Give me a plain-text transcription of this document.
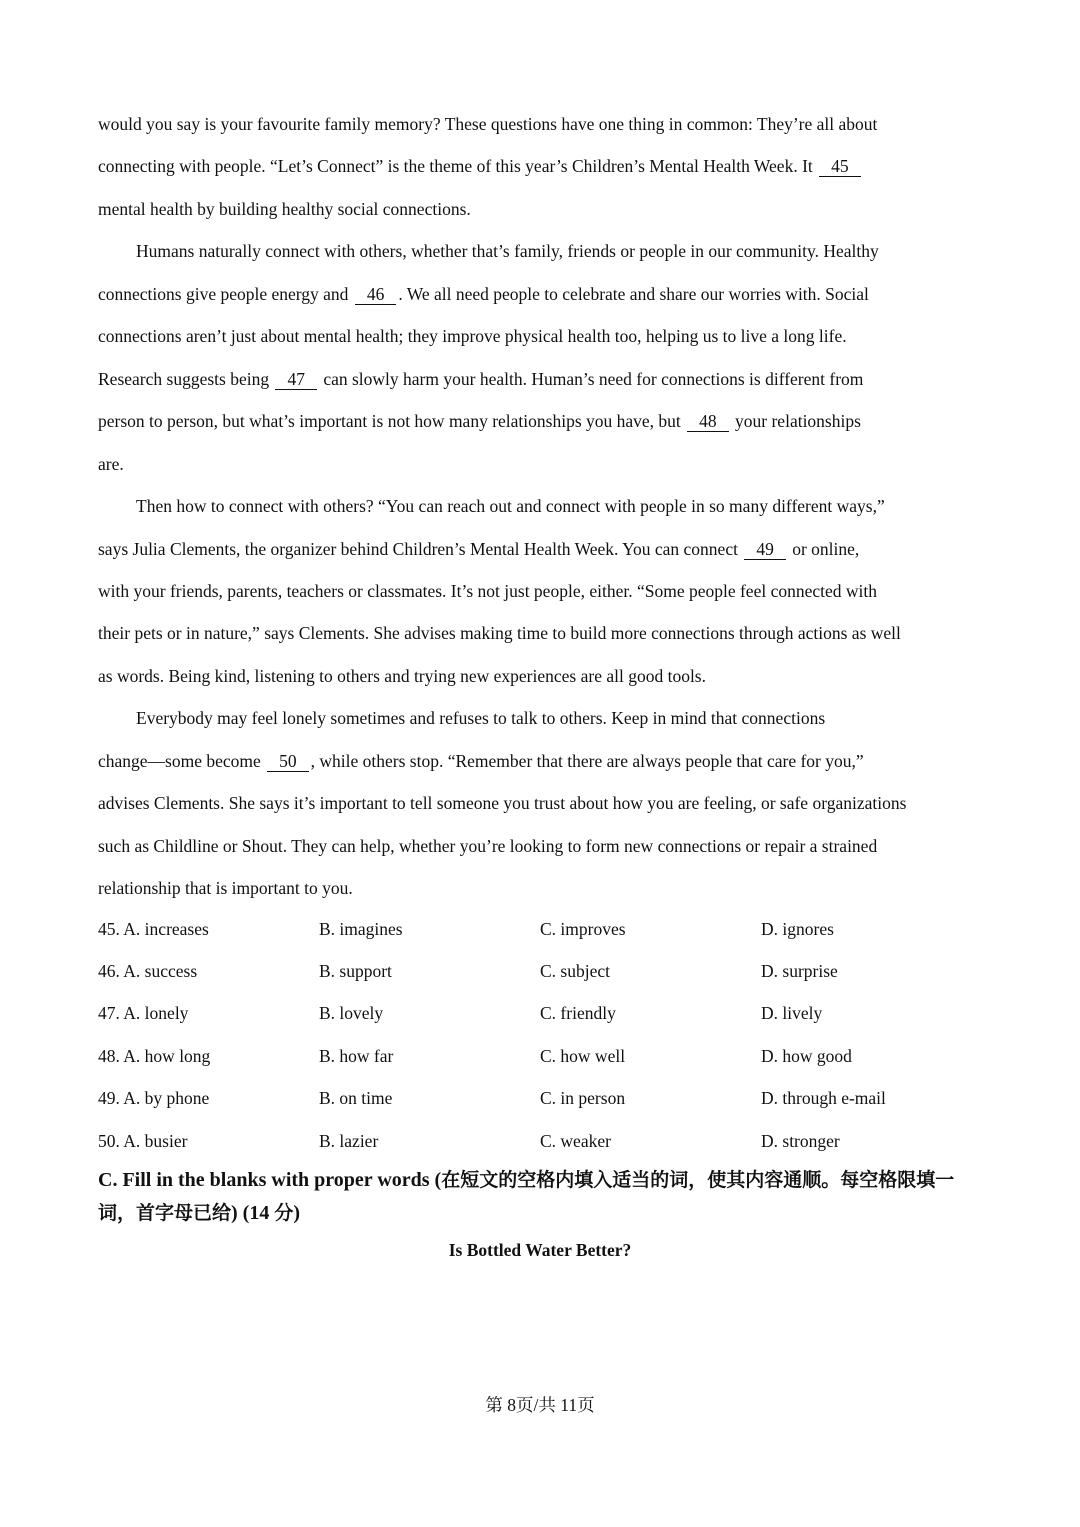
would you say is your favourite family memory? These questions have one thing in common: They’re all about
connecting with people. “Let’s Connect” is the theme of this year’s Children’s Mental Health Week. It 45
mental health by building healthy social connections.
Humans naturally connect with others, whether that’s family, friends or people in our community. Healthy
connections give people energy and 46 . We all need people to celebrate and share our worries with. Social
connections aren’t just about mental health; they improve physical health too, helping us to live a long life.
Research suggests being 47 can slowly harm your health. Human’s need for connections is different from
person to person, but what’s important is not how many relationships you have, but 48 your relationships
are.
Then how to connect with others? “You can reach out and connect with people in so many different ways,”
says Julia Clements, the organizer behind Children’s Mental Health Week. You can connect 49 or online,
with your friends, parents, teachers or classmates. It’s not just people, either. “Some people feel connected with
their pets or in nature,” says Clements. She advises making time to build more connections through actions as well
as words. Being kind, listening to others and trying new experiences are all good tools.
Everybody may feel lonely sometimes and refuses to talk to others. Keep in mind that connections
change—some become 50 , while others stop. “Remember that there are always people that care for you,”
advises Clements. She says it’s important to tell someone you trust about how you are feeling, or safe organizations
such as Childline or Shout. They can help, whether you’re looking to form new connections or repair a strained
relationship that is important to you.
45. A. increases	B. imagines	C. improves	D. ignores
46. A. success	B. support	C. subject	D. surprise
47. A. lonely	B. lovely	C. friendly	D. lively
48. A. how long	B. how far	C. how well	D. how good
49. A. by phone	B. on time	C. in person	D. through e-mail
50. A. busier	B. lazier	C. weaker	D. stronger
C. Fill in the blanks with proper words (在短文的空格内填入适当的词，使其内容通顺。每空格限填一词，首字母已给) (14 分)
Is Bottled Water Better?
第 8页/共 11页
